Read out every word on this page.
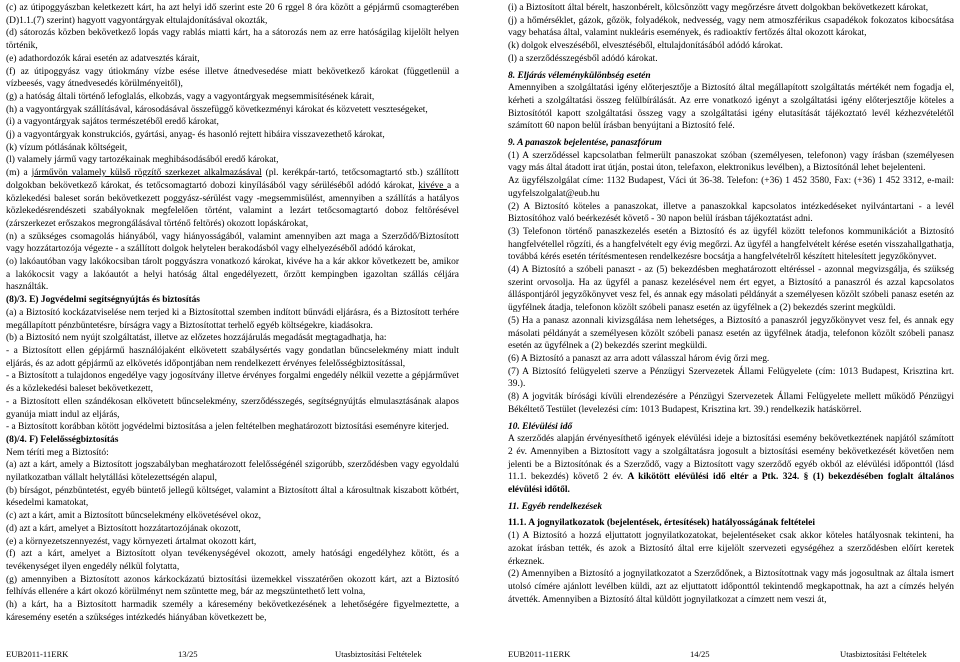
(c) az útipoggyászban keletkezett kárt, ha azt helyi idő szerint este 20 6 rggel 8 óra között a gépjármű csomagterében (D)1.1.(7) szerint) hagyott vagyontárgyak eltulajdonításával okozták,

(d) sátorozás közben bekövetkező lopás vagy rablás miatti kárt, ha a sátorozás nem az erre hatóságilag kijelölt helyen történik,

(e) adathordozók kárai esetén az adatvesztés kárait,

(f) az útipoggyász vagy útiokmány vízbe esése illetve átnedvesedése miatt bekövetkező károkat (függetlenül a vízbeesés, vagy átnedvesedés körülményeitől),

(g) a hatóság általi történő lefoglalás, elkobzás, vagy a vagyontárgyak megsemmisítésének kárait,

(h) a vagyontárgyak szállításával, károsodásával összefüggő következményi károkat és közvetett veszteségeket,

(i) a vagyontárgyak sajátos természetéből eredő károkat,

(j) a vagyontárgyak konstrukciós, gyártási, anyag- és hasonló rejtett hibáira visszavezethető károkat,

(k) vízum pótlásának költségeit,

(l) valamely jármű vagy tartozékainak meghibásodásából eredő károkat,

(m) a járművön valamely külső rögzítő szerkezet alkalmazásával (pl. kerékpár-tartó, tetőcsomagtartó stb.) szállított dolgokban bekövetkező károkat, és tetőcsomagtartó dobozi kinyílásából vagy sérüléséből adódó károkat, kivéve a a közlekedési baleset során bekövetkezett poggyász-sérülést vagy -megsemmisülést, amennyiben a szállítás a hatályos közlekedésrendészeti szabályoknak megfelelően történt, valamint a lezárt tetőcsomagtartó doboz feltörésével (zárszerkezet erőszakos megrongálásával történő feltörés) okozott lopáskárokat,

(n) a szükséges csomagolás hiányából, vagy hiányosságából, valamint amennyiben azt maga a Szerződő/Biztosított vagy hozzátartozója végezte - a szállított dolgok helyteleн berakodásból vagy elhelyezéséből adódó károkat,

(o) lakóautóban vagy lakókocsiban tárolt poggyászra vonatkozó károkat, kivéve ha a kár akkor következett be, amikor a lakókocsit vagy a lakóautót a helyi hatóság által engedélyezett, őrzött kempingben igazoltan szállás céljára használták.

(8)/3. E) Jogvédelmi segítségnyújtás és biztosítás

(a) a Biztosító kockázatviselése nem terjed ki a Biztosítottal szemben indított bűnvádi eljárásra, és a Biztosított terhére megállapított pénzbüntetésre, bírságra vagy a Biztosítottat terhelő egyéb költségekre, kiadásokra.

(b) a Biztosító nem nyújt szolgáltatást, illetve az előzetes hozzájárulás megadását megtagadhatja, ha:

- a Biztosított ellen gépjármű használójaként elkövetett szabálysértés vagy gondatlan bűncselekmény miatt indult eljárás, és az adott gépjármű az elkövetés időpontjában nem rendelkezett érvényes felelősségbiztosítással,

- a Biztosított a tulajdonos engedélye vagy jogosítvány illetve érvényes forgalmi engedély nélkül vezette a gépjárművet és a közlekedési baleset bekövetkezett,

- a Biztosított ellen szándékosan elkövetett bűncselekmény, szerződésszegés, segítségnyújtás elmulasztásának alapos gyanúja miatt indul az eljárás,

- a Biztosított korábban kötött jogvédelmi biztosítása a jelen feltételben meghatározott biztosítási eseményre kiterjed.

(8)/4. F) Felelősségbiztosítás

Nem téríti meg a Biztosító:

(a) azt a kárt, amely a Biztosított jogszabályban meghatározott felelősségénél szigorúbb, szerződésben vagy egyoldalú nyilatkozatban vállalt helytállási kötelezettségén alapul,

(b) bírságot, pénzbüntetést, egyéb büntető jellegű költséget, valamint a Biztosított által a károsultnak kiszabott kötbért, késedelmi kamatokat,

(c) azt a kárt, amit a Biztosított bűncselekmény elkövetésével okoz,

(d) azt a kárt, amelyet a Biztosított hozzátartozójának okozott,

(e) a környezetszennyezést, vagy környezeti ártalmat okozott kárt,

(f) azt a kárt, amelyet a Biztosított olyan tevékenységével okozott, amely hatósági engedélyhez kötött, és a tevékenységet ilyen engedély nélkül folytatta,

(g) amennyiben a Biztosított azonos kárkockázatú biztosítási üzemekkel visszatérően okozott kárt, azt a Biztosító felhívás ellenére a kárt okozó körülményt nem szüntette meg, bár az megszüntethető lett volna,

(h) a kárt, ha a Biztosított harmadik személy a káresemény bekövetkezésének a lehetőségére figyelmeztette, a káresemény esetén a szükséges intézkedés hiányában következett be,

EUB2011-11ERK	13/25	Utasbiztosítási Feltételek

(i) a Biztosított által bérelt, haszonbérelt, kölcsönzött vagy megőrzésre átvett dolgokban bekövetkezett károkat,

(j) a hőmérséklet, gázok, gőzök, folyadékok, nedvesség, vagy nem atmoszférikus csapadékok fokozatos kibocsátása vagy behatása által, valamint nukleáris események, és radioaktív fertőzés által okozott károkat,

(k) dolgok elveszéséből, elvesztéséből, eltulajdonításából adódó károkat.

(l) a szerződésszegésből adódó károkat.

8. Eljárás véleménykülönbség esetén

Amennyiben a szolgáltatási igény előterjesztője a Biztosító által megállapított szolgáltatás mértékét nem fogadja el, kérheti a szolgáltatási összeg felülbírálását. Az erre vonatkozó igényt a szolgáltatási igény előterjesztője köteles a Biztosítótól kapott szolgáltatási összeg vagy a szolgáltatási igény elutasítását tájékoztató levél kézhezvételétől számított 60 napon belül írásban benyújtani a Biztosító felé.

9. A panaszok bejelentése, panaszfórum

(1) A szerződéssel kapcsolatban felmerült panaszokat szóban (személyesen, telefonon) vagy írásban (személyesen vagy más által átadott irat útján, postai úton, telefaxon, elektronikus levélben), a Biztosítónál lehet bejelenteni.

Az ügyfélszolgálat címe: 1132 Budapest, Váci út 36-38. Telefon: (+36) 1 452 3580, Fax: (+36) 1 452 3312, e-mail: ugyfelszolgalat@eub.hu

(2) A Biztosító köteles a panaszokat, illetve a panaszokkal kapcsolatos intézkedéseket nyilvántartani - a levél Biztosítóhoz való beérkezését követő - 30 napon belül írásban tájékoztatást adni.

(3) Telefonon történő panaszkezelés esetén a Biztosító és az ügyfél között telefonos kommunikációt a Biztosító hangfelvétellel rögzíti, és a hangfelvételt egy évig megőrzi. Az ügyfél a hangfelvételt kérése esetén visszahallgathatja, továbbá kérés esetén térítésmentesen rendelkezésre bocsátja a hangfelvételről készített hitelesített jegyzőkönyvet.

(4) A Biztosító a szóbeli panaszt - az (5) bekezdésben meghatározott eltéréssel - azonnal megvizsgálja, és szükség szerint orvosolja. Ha az ügyfél a panasz kezelésével nem ért egyet, a Biztosító a panaszról és azzal kapcsolatos álláspontjáról jegyzőkönyvet vesz fel, és annak egy másolati példányát a személyesen közölt szóbeli panasz esetén az ügyfélnek átadja, telefonon közölt szóbeli panasz esetén az ügyfélnek a (2) bekezdés szerint megküldi.

(5) Ha a panasz azonnali kivizsgálása nem lehetséges, a Biztosító a panaszról jegyzőkönyvet vesz fel, és annak egy másolati példányát a személyesen közölt szóbeli panasz esetén az ügyfélnek átadja, telefonon közölt szóbeli panasz esetén az ügyfélnek a (2) bekezdés szerint megküldi.

(6) A Biztosító a panaszt az arra adott válasszal három évig őrzi meg.

(7) A Biztosító felügyeleti szerve a Pénzügyi Szervezetek Állami Felügyelete (cím: 1013 Budapest, Krisztina krt. 39.).

(8) A jogviták bírósági kívüli elrendezésére a Pénzügyi Szervezetek Állami Felügyelete mellett működő Pénzügyi Békéltető Testület (levelezési cím: 1013 Budapest, Krisztina krt. 39.) rendelkezik hatáskörrel.

10. Elévülési idő

A szerződés alapján érvényesíthető igények elévülési ideje a biztosítási esemény bekövetkeztének napjától számított 2 év. Amennyiben a Biztosított vagy a szolgáltatásra jogosult a biztosítási esemény bekövetkezését követően nem jelenti be a Biztosítónak és a Szerződő, vagy a Biztosított vagy szerződő egyéb okból az elévülési időponttól (lásd 11.1. bekezdés) követő 2 év. A kikötött elévülési idő eltér a Ptk. 324. § (1) bekezdésében foglalt általános elévülési időtől.

11. Egyéb rendelkezések

11.1. A jognyilatkozatok (bejelentések, értesítések) hatályosságának feltételei

(1) A Biztosító a hozzá eljuttatott jognyilatkozatokat, bejelentéseket csak akkor köteles hatályosnak tekinteni, ha azokat írásban tették, és azok a Biztosító által erre kijelölt szervezeti egységéhez a szerződésben előírt keretek érkeznek.

(2) Amennyiben a Biztosító a jognyilatkozatot a Szerződőnek, a Biztosítottnak vagy más jogosultnak az általa ismert utolsó címére ajánlott levélben küldi, azt az eljuttatott időponttól tekintendő megkapottnak, ha azt a címzés helyén átvették. Amennyiben a Biztosító által küldött jognyilatkozat a címzett nem veszi át,

EUB2011-11ERK	14/25	Utasbiztosítási Feltételek
